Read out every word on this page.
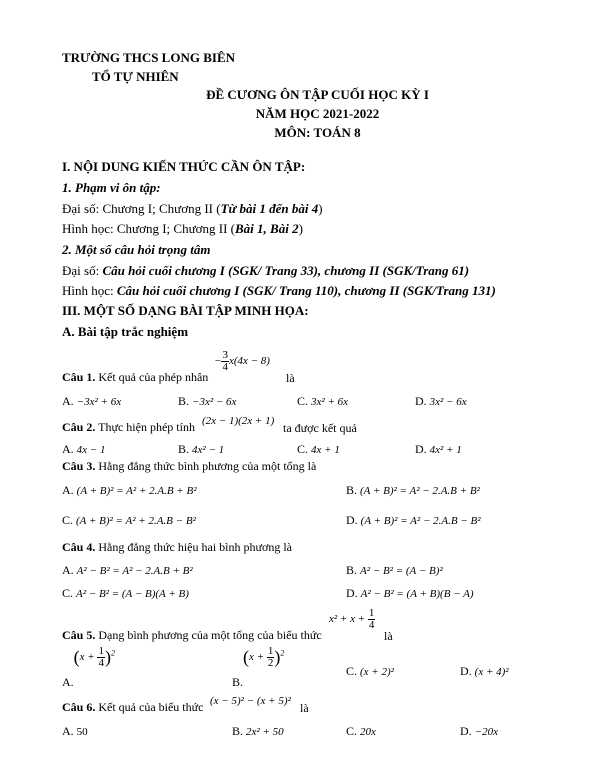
TRƯỜNG THCS LONG BIÊN
TỔ TỰ NHIÊN
ĐỀ CƯƠNG ÔN TẬP CUỐI HỌC KỲ I
NĂM HỌC 2021-2022
MÔN: TOÁN 8
I. NỘI DUNG KIẾN THỨC CẦN ÔN TẬP:
1. Phạm vi ôn tập:
Đại số: Chương I; Chương II (Từ bài 1 đến bài 4)
Hình học: Chương I; Chương II (Bài 1, Bài 2)
2. Một số câu hỏi trọng tâm
Đại số: Câu hỏi cuối chương I (SGK/ Trang 33), chương II (SGK/Trang 61)
Hình học: Câu hỏi cuối chương I (SGK/ Trang 110), chương II (SGK/Trang 131)
III. MỘT SỐ DẠNG BÀI TẬP MINH HỌA:
A. Bài tập trắc nghiệm
Câu 1. Kết quả của phép nhân
− $\frac{3}{4} x(4x - 8)$
là
A. −3x² + 6x	B. −3x² − 6x	C. 3x² + 6x	D. 3x² − 6x
Câu 2. Thực hiện phép tính (2x − 1)(2x + 1) ta được kết quả
A. 4x − 1	B. 4x² − 1	C. 4x + 1	D. 4x² + 1
Câu 3. Hằng đẳng thức bình phương của một tổng là
A. (A + B)² = A² + 2.A.B + B²	B. (A + B)² = A² − 2.A.B + B²
C. (A + B)² = A² + 2.A.B − B²	D. (A + B)² = A² − 2.A.B − B²
Câu 4. Hằng đẳng thức hiệu hai bình phương là
A. A² − B² = A² − 2.A.B + B²	B. A² − B² = (A − B)²
C. A² − B² = (A − B)(A + B)	D. A² − B² = (A + B)(B − A)
Câu 5. Dạng bình phương của một tổng của biểu thức
$x^2 + x + \frac{1}{4}$
là
$A.(x + \frac{1}{4} )^2$
$B.(x + \frac{1}{2} )^2$
C. (x + 2)²	D. (x + 4)²
Câu 6. Kết quả của biểu thức (x − 5)² − (x + 5)² là
A. 50	B. 2x² + 50	C. 20x	D. −20x
